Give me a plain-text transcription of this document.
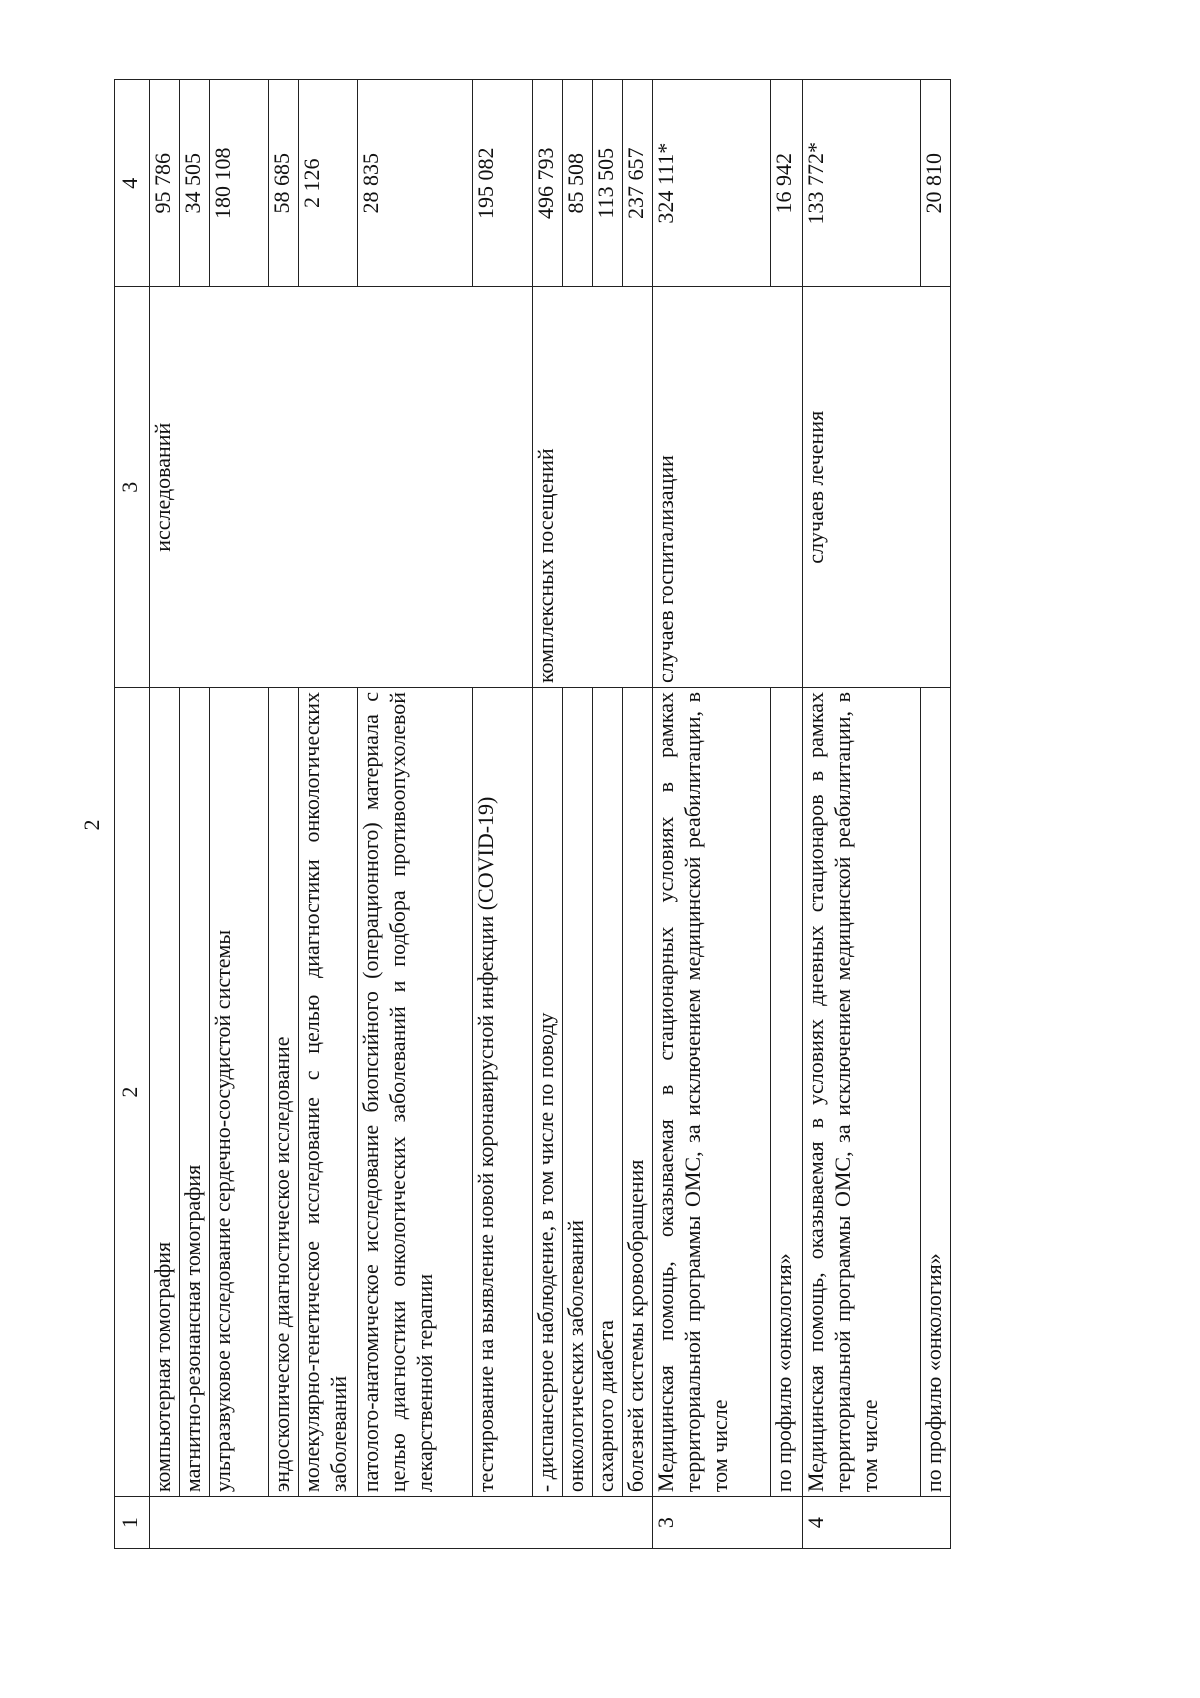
2
1	2	3	4
	компьютерная томография	исследований	95 786
	магнитно-резонансная томография		34 505
	ультразвуковое исследование сердечно-сосудистой системы		180 108
	эндоскопическое диагностическое исследование		58 685
	молекулярно-генетическое исследование с целью диагностики онкологических заболеваний		2 126
	патолого-анатомическое исследование биопсийного (операционного) материала с целью диагностики онкологических заболеваний и подбора противоопухолевой лекарственной терапии		28 835
	тестирование на выявление новой коронавирусной инфекции (COVID-19)		195 082
	- диспансерное наблюдение, в том числе по поводу	комплексных посещений	496 793
	онкологических заболеваний		85 508
	сахарного диабета		113 505
	болезней системы кровообращения		237 657
3	Медицинская помощь, оказываемая в стационарных условиях в рамках территориальной программы ОМС, за исключением медицинской реабилитации, в том числе	случаев госпитализации	324 111*
	по профилю «онкология»		16 942
4	Медицинская помощь, оказываемая в условиях дневных стационаров в рамках территориальной программы ОМС, за исключением медицинской реабилитации, в том числе	случаев лечения	133 772*
	по профилю «онкология»		20 810
